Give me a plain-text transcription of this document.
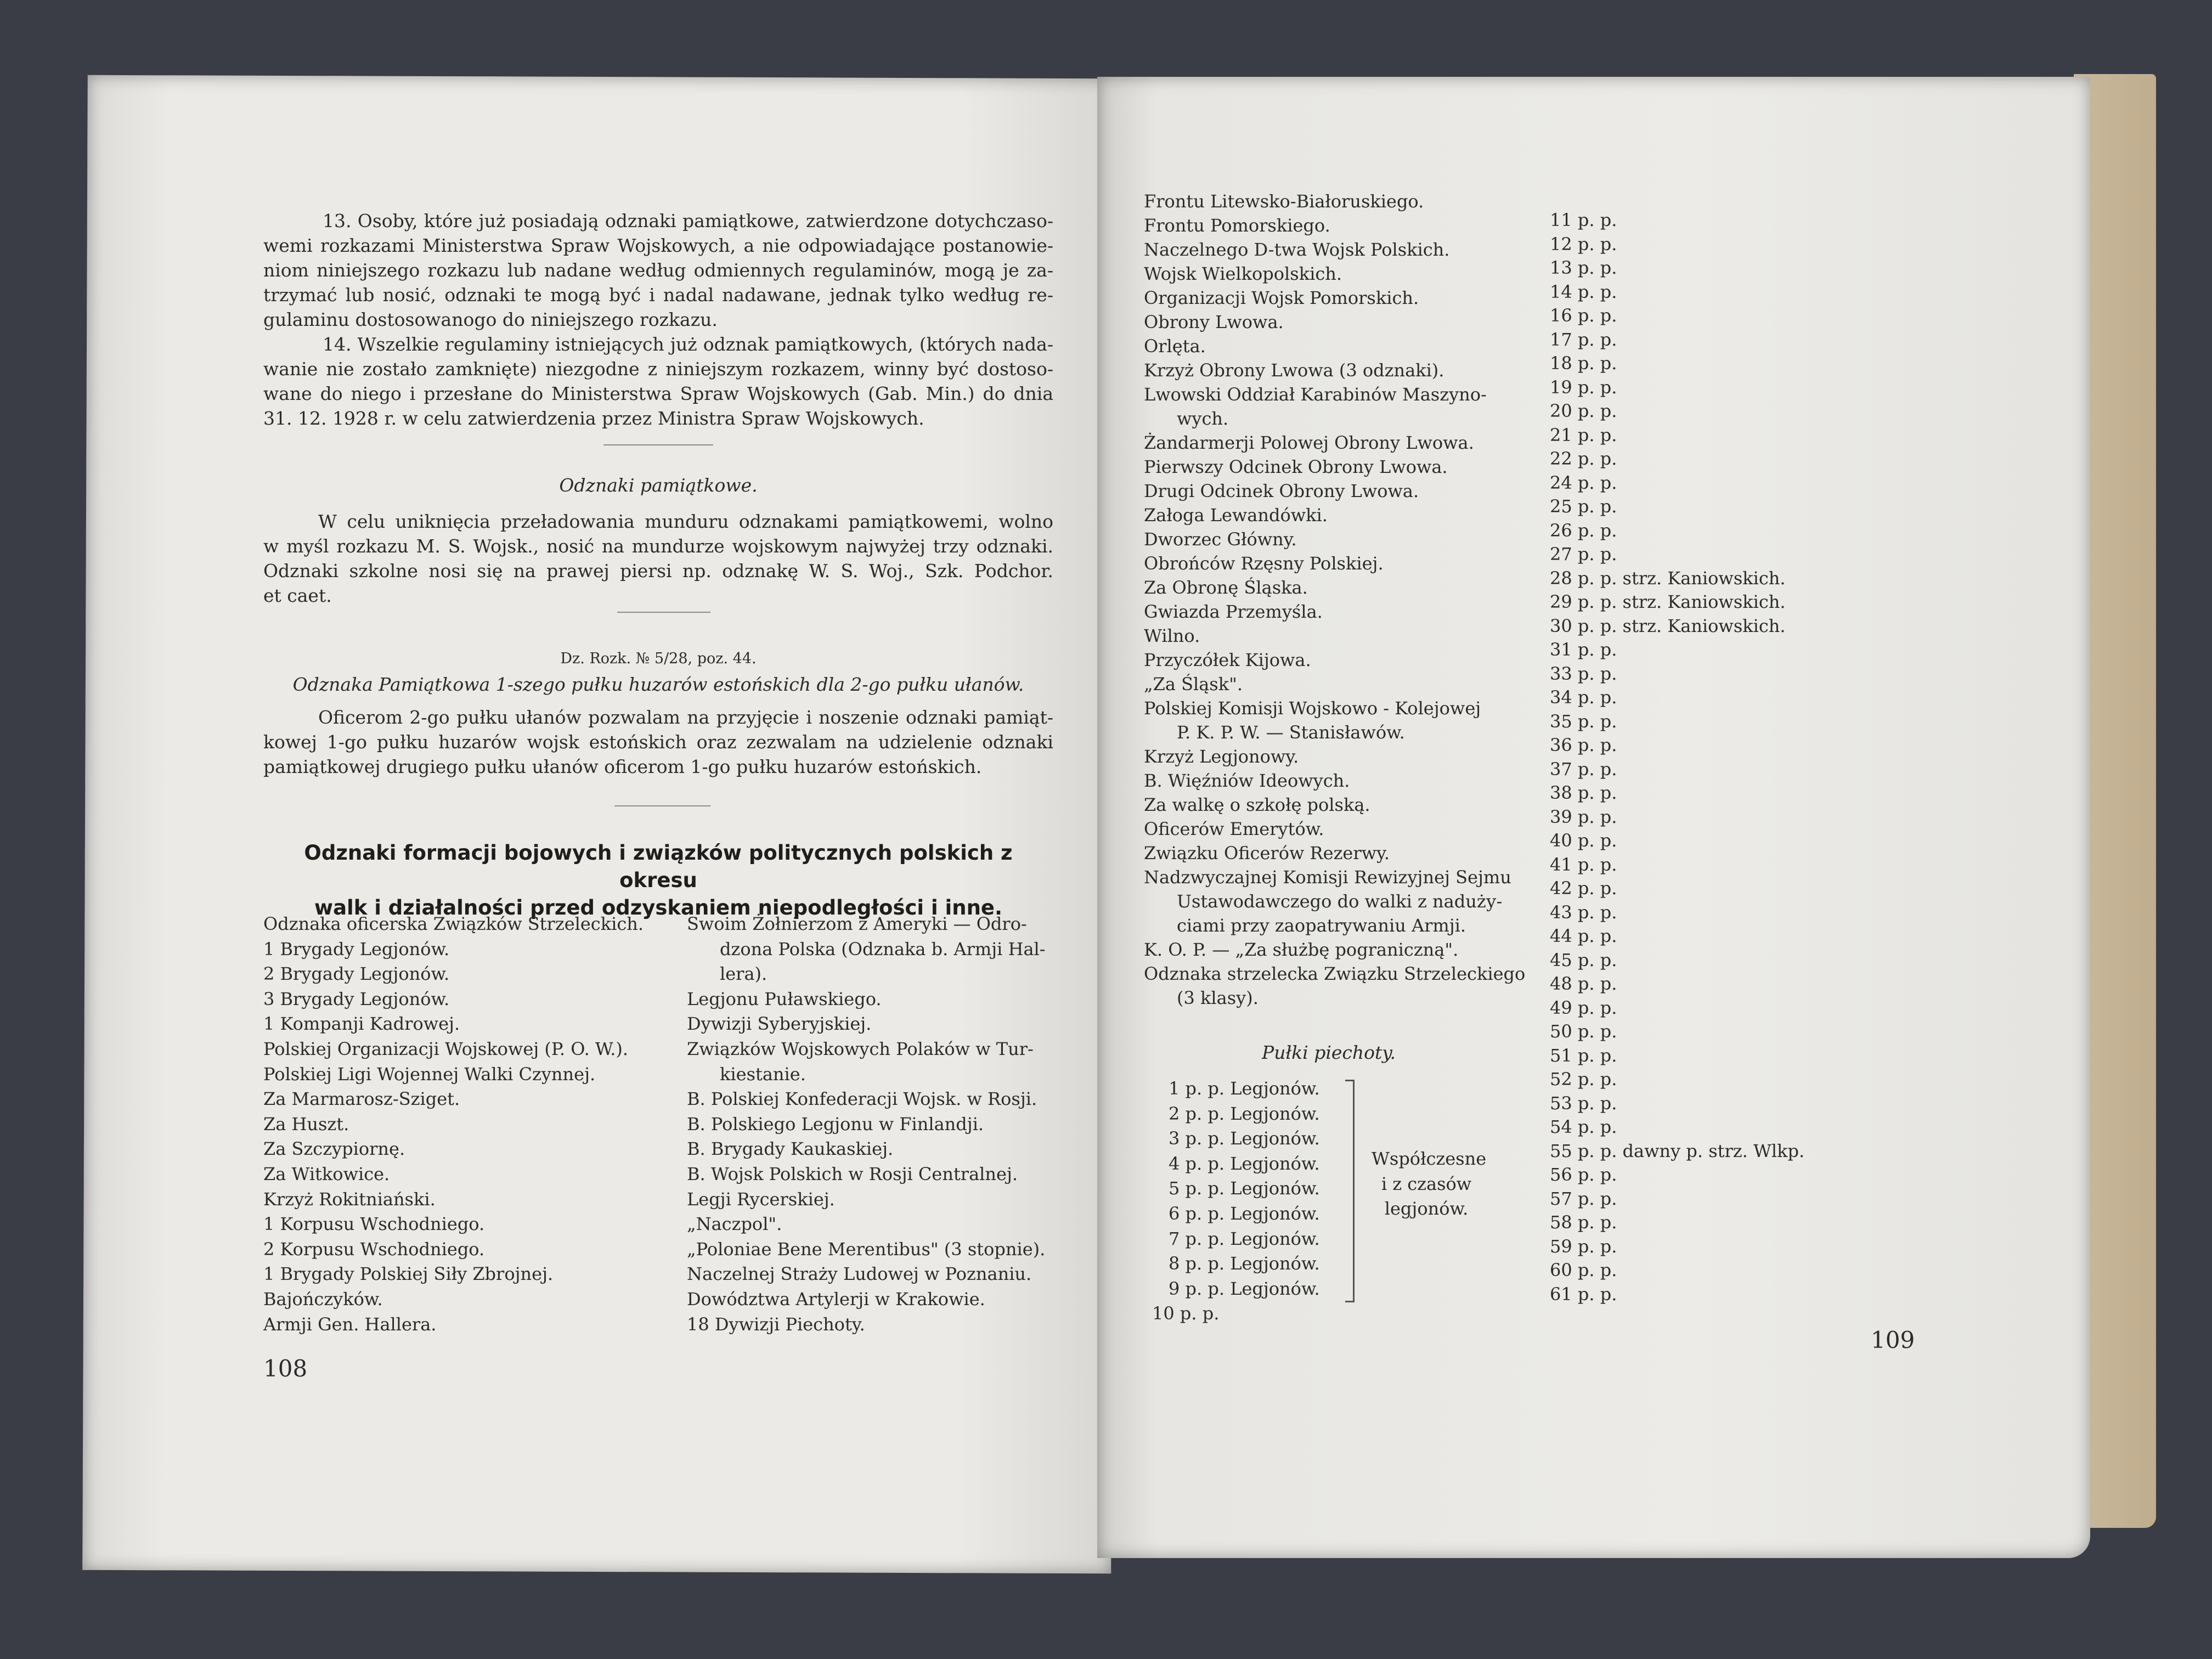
13. Osoby, które już posiadają odznaki pamiątkowe, zatwierdzone dotychczaso-
wemi rozkazami Ministerstwa Spraw Wojskowych, a nie odpowiadające postanowie-
niom niniejszego rozkazu lub nadane według odmiennych regulaminów, mogą je za-
trzymać lub nosić, odznaki te mogą być i nadal nadawane, jednak tylko według re-
gulaminu dostosowanogo do niniejszego rozkazu.
14. Wszelkie regulaminy istniejących już odznak pamiątkowych, (których nada-
wanie nie zostało zamknięte) niezgodne z niniejszym rozkazem, winny być dostoso-
wane do niego i przesłane do Ministerstwa Spraw Wojskowych (Gab. Min.) do dnia
31. 12. 1928 r. w celu zatwierdzenia przez Ministra Spraw Wojskowych.
Odznaki pamiątkowe.
W celu uniknięcia przeładowania munduru odznakami pamiątkowemi, wolno
w myśl rozkazu M. S. Wojsk., nosić na mundurze wojskowym najwyżej trzy odznaki.
Odznaki szkolne nosi się na prawej piersi np. odznakę W. S. Woj., Szk. Podchor.
et caet.
Dz. Rozk. № 5/28, poz. 44.
Odznaka Pamiątkowa 1-szego pułku huzarów estońskich dla 2-go pułku ułanów.
Oficerom 2-go pułku ułanów pozwalam na przyjęcie i noszenie odznaki pamiąt-
kowej 1-go pułku huzarów wojsk estońskich oraz zezwalam na udzielenie odznaki
pamiątkowej drugiego pułku ułanów oficerom 1-go pułku huzarów estońskich.
Odznaki formacji bojowych i związków politycznych polskich z okresu
walk i działalności przed odzyskaniem niepodległości i inne.
Odznaka oficerska Związków Strzeleckich.
1 Brygady Legjonów.
2 Brygady Legjonów.
3 Brygady Legjonów.
1 Kompanji Kadrowej.
Polskiej Organizacji Wojskowej (P. O. W.).
Polskiej Ligi Wojennej Walki Czynnej.
Za Marmarosz-Sziget.
Za Huszt.
Za Szczypiornę.
Za Witkowice.
Krzyż Rokitniański.
1 Korpusu Wschodniego.
2 Korpusu Wschodniego.
1 Brygady Polskiej Siły Zbrojnej.
Bajończyków.
Armji Gen. Hallera.
Swoim Żołnierzom z Ameryki — Odro-
dzona Polska (Odznaka b. Armji Hal-
lera).
Legjonu Puławskiego.
Dywizji Syberyjskiej.
Związków Wojskowych Polaków w Tur-
kiestanie.
B. Polskiej Konfederacji Wojsk. w Rosji.
B. Polskiego Legjonu w Finlandji.
B. Brygady Kaukaskiej.
B. Wojsk Polskich w Rosji Centralnej.
Legji Rycerskiej.
„Naczpol".
„Poloniae Bene Merentibus" (3 stopnie).
Naczelnej Straży Ludowej w Poznaniu.
Dowództwa Artylerji w Krakowie.
18 Dywizji Piechoty.
108
Frontu Litewsko-Białoruskiego.
Frontu Pomorskiego.
Naczelnego D-twa Wojsk Polskich.
Wojsk Wielkopolskich.
Organizacji Wojsk Pomorskich.
Obrony Lwowa.
Orlęta.
Krzyż Obrony Lwowa (3 odznaki).
Lwowski Oddział Karabinów Maszyno-
wych.
Żandarmerji Polowej Obrony Lwowa.
Pierwszy Odcinek Obrony Lwowa.
Drugi Odcinek Obrony Lwowa.
Załoga Lewandówki.
Dworzec Główny.
Obrońców Rzęsny Polskiej.
Za Obronę Śląska.
Gwiazda Przemyśla.
Wilno.
Przyczółek Kijowa.
„Za Śląsk".
Polskiej Komisji Wojskowo - Kolejowej
P. K. P. W. — Stanisławów.
Krzyż Legjonowy.
B. Więźniów Ideowych.
Za walkę o szkołę polską.
Oficerów Emerytów.
Związku Oficerów Rezerwy.
Nadzwyczajnej Komisji Rewizyjnej Sejmu
Ustawodawczego do walki z nadużу-
ciami przy zaopatrywaniu Armji.
K. O. P. — „Za służbę pograniczną".
Odznaka strzelecka Związku Strzeleckiego
(3 klasy).
Pułki piechoty.
1 p. p. Legjonów.
2 p. p. Legjonów.
3 p. p. Legjonów.
4 p. p. Legjonów.
5 p. p. Legjonów.
6 p. p. Legjonów.
7 p. p. Legjonów.
8 p. p. Legjonów.
9 p. p. Legjonów.
10 p. p.
Współczesne
i z czasów
legjonów.
11 p. p.
12 p. p.
13 p. p.
14 p. p.
16 p. p.
17 p. p.
18 p. p.
19 p. p.
20 p. p.
21 p. p.
22 p. p.
24 p. p.
25 p. p.
26 p. p.
27 p. p.
28 p. p. strz. Kaniowskich.
29 p. p. strz. Kaniowskich.
30 p. p. strz. Kaniowskich.
31 p. p.
33 p. p.
34 p. p.
35 p. p.
36 p. p.
37 p. p.
38 p. p.
39 p. p.
40 p. p.
41 p. p.
42 p. p.
43 p. p.
44 p. p.
45 p. p.
48 p. p.
49 p. p.
50 p. p.
51 p. p.
52 p. p.
53 p. p.
54 p. p.
55 p. p. dawny p. strz. Wlkp.
56 p. p.
57 p. p.
58 p. p.
59 p. p.
60 p. p.
61 p. p.
109
